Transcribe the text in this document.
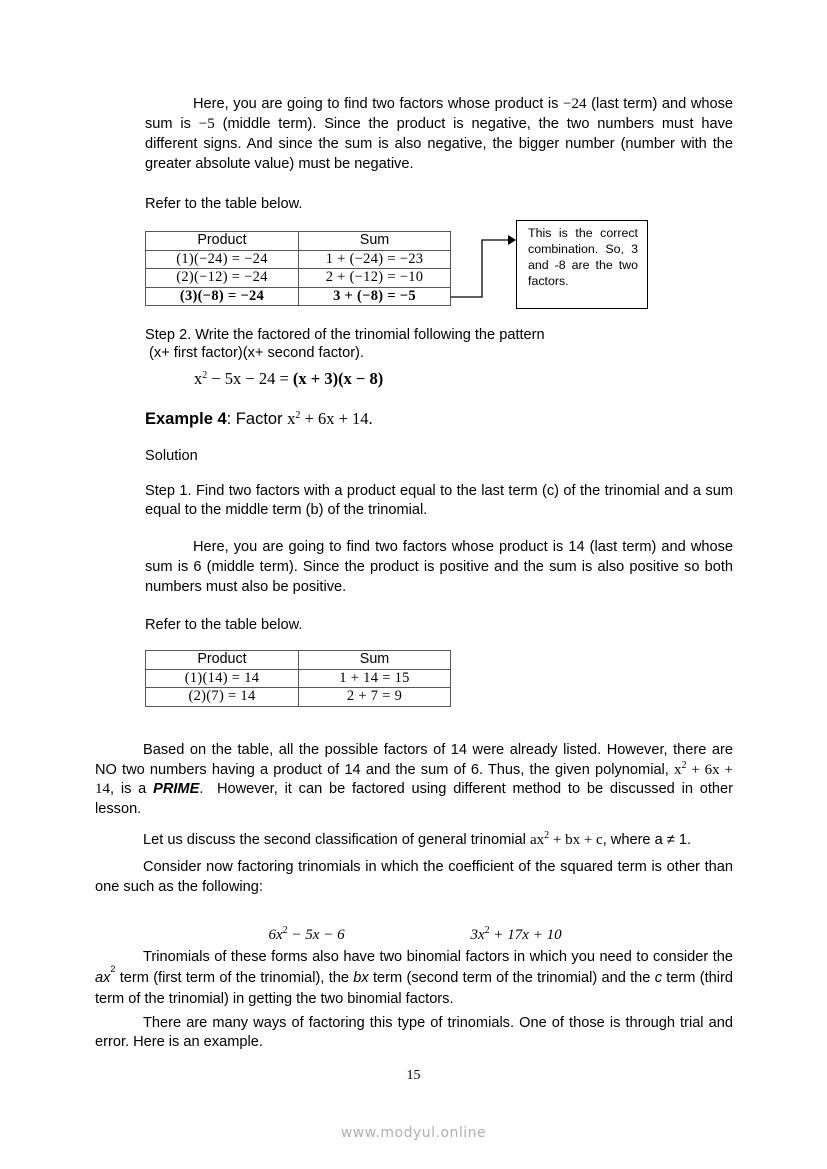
Here, you are going to find two factors whose product is −24 (last term) and whose sum is −5 (middle term). Since the product is negative, the two numbers must have different signs. And since the sum is also negative, the bigger number (number with the greater absolute value) must be negative.
Refer to the table below.
Product	Sum
(1)(−24) = −24	1 + (−24) = −23
(2)(−12) = −24	2 + (−12) = −10
(3)(−8) = −24	3 + (−8) = −5
This is the correct combination. So, 3 and -8 are the two factors.
Step 2. Write the factored of the trinomial following the pattern
(x+ first factor)(x+ second factor).
$x^2 - 5x - 24 = (x + 3)(x - 8)$
Example 4: Factor $x^2 + 6x + 14$.
Solution
Step 1. Find two factors with a product equal to the last term (c) of the trinomial and a sum equal to the middle term (b) of the trinomial.
Here, you are going to find two factors whose product is 14 (last term) and whose sum is 6 (middle term). Since the product is positive and the sum is also positive so both numbers must also be positive.
Refer to the table below.
Product	Sum
(1)(14) = 14	1 + 14 = 15
(2)(7) = 14	2 + 7 = 9
Based on the table, all the possible factors of 14 were already listed. However, there are NO two numbers having a product of 14 and the sum of 6. Thus, the given polynomial, $x^2 + 6x + 14$, is a PRIME.  However, it can be factored using different method to be discussed in other lesson.
Let us discuss the second classification of general trinomial $ax^2$ + bx + c, where a ≠ 1.
Consider now factoring trinomials in which the coefficient of the squared term is other than one such as the following:

$6x^2 - 5x - 6$	$3x^2 + 17x + 10$

Trinomials of these forms also have two binomial factors in which you need to consider the $ax^2$ term (first term of the trinomial), the bx term (second term of the trinomial) and the c term (third term of the trinomial) in getting the two binomial factors.
There are many ways of factoring this type of trinomials. One of those is through trial and error. Here is an example.
15
www.modyul.online
